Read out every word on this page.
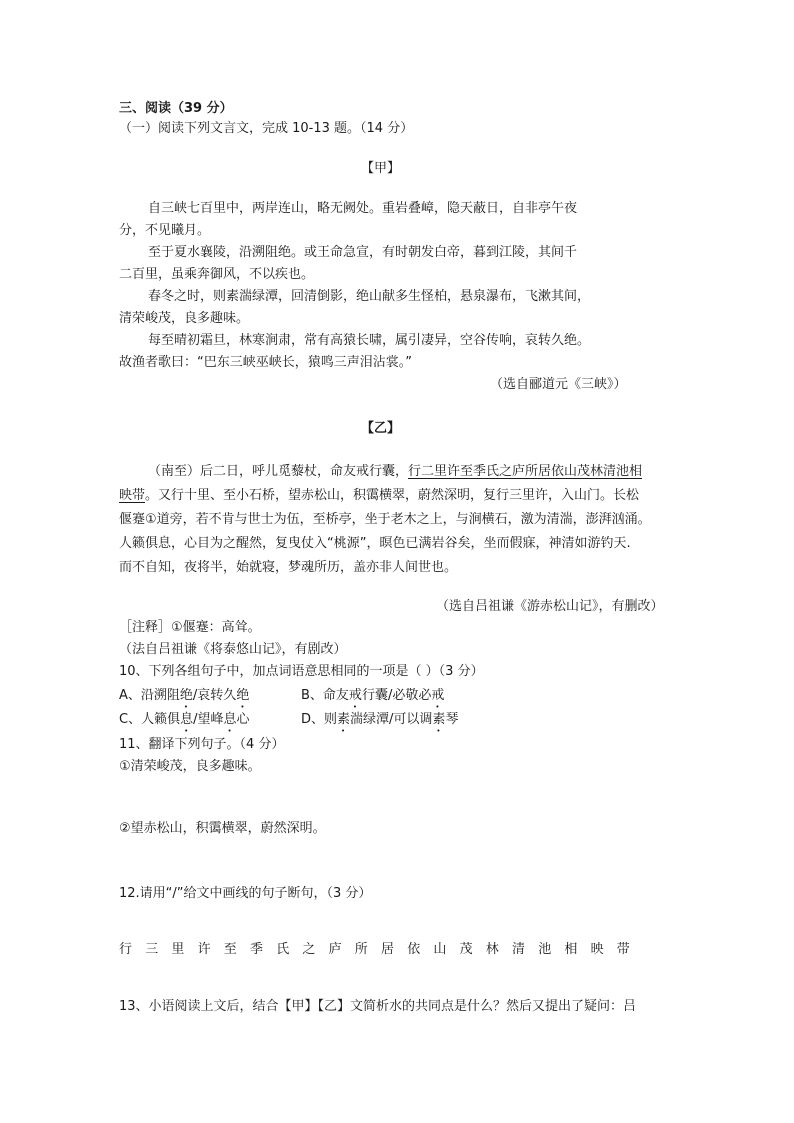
三、阅读（39 分）
（一）阅读下列文言文，完成 10-13 题。（14 分）
【甲】
自三峡七百里中，两岸连山，略无阙处。重岩叠嶂，隐天蔽日，自非亭午夜
分，不见曦月。
至于夏水襄陵，沿溯阻绝。或王命急宣，有时朝发白帝，暮到江陵，其间千
二百里，虽乘奔御风，不以疾也。
春冬之时，则素湍绿潭，回清倒影，绝山献多生怪柏，悬泉瀑布，飞漱其间，
清荣峻茂，良多趣味。
每至晴初霜旦，林寒涧肃，常有高猿长啸，属引凄异，空谷传响，哀转久绝。
故渔者歌曰：“巴东三峡巫峡长，猿鸣三声泪沾裳。”
（选自郦道元《三峡》）
【乙】
（南至）后二日，呼儿觅藜杖，命友戒行囊，行二里许至季氏之庐所居依山茂林清池相
映带。又行十里、至小石桥，望赤松山，积霭横翠，蔚然深明，复行三里许，入山门。长松
偃蹇①道旁，若不肯与世士为伍，至桥亭，坐于老木之上，与涧横石，激为清湍，澎湃汹涌。
人籁俱息，心目为之醒然，复曳仗入“桃源”，暝色已满岩谷矣，坐而假寐，神清如游钓天.
而不自知，夜将半，始就寝，梦魂所历，盖亦非人间世也。
（选自吕祖谦《游赤松山记》，有删改）
［注释］①偃蹇：高耸。
（法自吕祖谦《将泰悠山记》，有剧改）
10、下列各组句子中，加点词语意思相同的一项是（ ）（3 分）
A、沿溯阻绝/哀转久绝	B、命友戒行囊/必敬必戒
C、人籁俱息/望峰息心	D、则素湍绿潭/可以调素琴
11、翻译下列句子。（4 分）
①清荣峻茂，良多趣味。
②望赤松山，积霭横翠，蔚然深明。
12.请用“/”给文中画线的句子断句，（3 分）
行三里许至季氏之庐所居依山茂林清池相映带
13、小语阅读上文后，结合【甲】【乙】文简析水的共同点是什么？然后又提出了疑问：吕
